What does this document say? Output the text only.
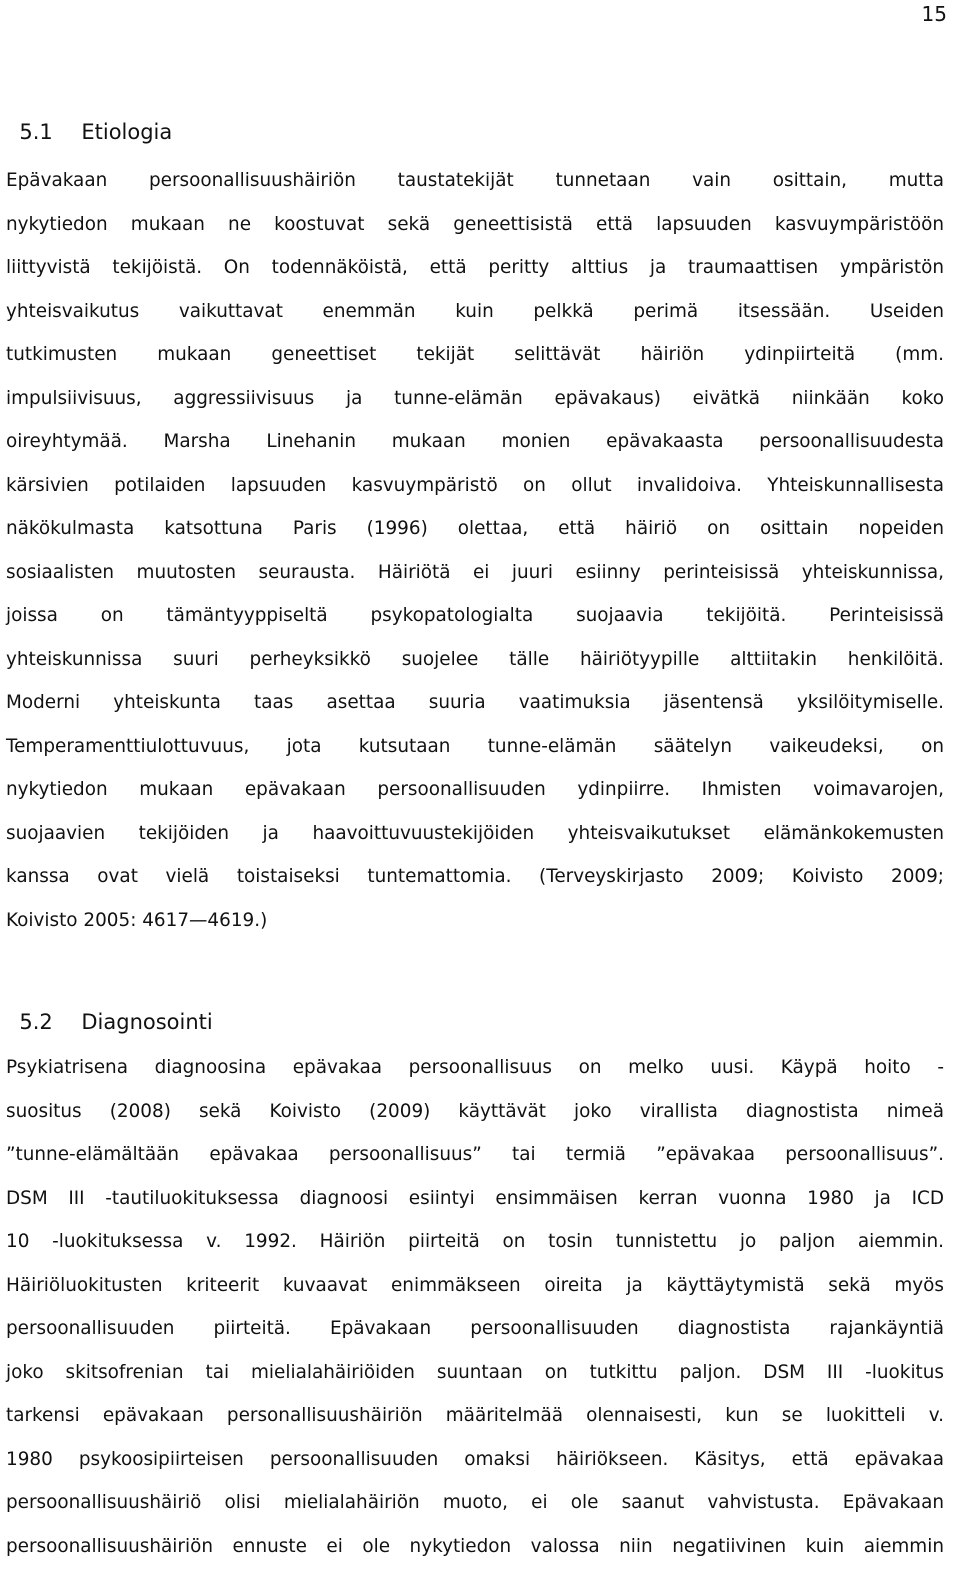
15

5.1 Etiologia

Epävakaan persoonallisuushäiriön taustatekijät tunnetaan vain osittain, mutta
nykytiedon mukaan ne koostuvat sekä geneettisistä että lapsuuden kasvuympäristöön
liittyvistä tekijöistä. On todennäköistä, että peritty alttius ja traumaattisen ympäristön
yhteisvaikutus vaikuttavat enemmän kuin pelkkä perimä itsessään. Useiden
tutkimusten mukaan geneettiset tekijät selittävät häiriön ydinpiirteitä (mm.
impulsiivisuus, aggressiivisuus ja tunne-elämän epävakaus) eivätkä niinkään koko
oireyhtymää. Marsha Linehanin mukaan monien epävakaasta persoonallisuudesta
kärsivien potilaiden lapsuuden kasvuympäristö on ollut invalidoiva. Yhteiskunnallisesta
näkökulmasta katsottuna Paris (1996) olettaa, että häiriö on osittain nopeiden
sosiaalisten muutosten seurausta. Häiriötä ei juuri esiinny perinteisissä yhteiskunnissa,
joissa on tämäntyyppiseltä psykopatologialta suojaavia tekijöitä. Perinteisissä
yhteiskunnissa suuri perheyksikkö suojelee tälle häiriötyypille alttiitakin henkilöitä.
Moderni yhteiskunta taas asettaa suuria vaatimuksia jäsentensä yksilöitymiselle.
Temperamenttiulottuvuus, jota kutsutaan tunne-elämän säätelyn vaikeudeksi, on
nykytiedon mukaan epävakaan persoonallisuuden ydinpiirre. Ihmisten voimavarojen,
suojaavien tekijöiden ja haavoittuvuustekijöiden yhteisvaikutukset elämänkokemusten
kanssa ovat vielä toistaiseksi tuntemattomia. (Terveyskirjasto 2009; Koivisto 2009;
Koivisto 2005: 4617—4619.)

5.2 Diagnosointi

Psykiatrisena diagnoosina epävakaa persoonallisuus on melko uusi. Käypä hoito -
suositus (2008) sekä Koivisto (2009) käyttävät joko virallista diagnostista nimeä
”tunne-elämältään epävakaa persoonallisuus” tai termiä ”epävakaa persoonallisuus”.
DSM III -tautiluokituksessa diagnoosi esiintyi ensimmäisen kerran vuonna 1980 ja ICD
10 -luokituksessa v. 1992. Häiriön piirteitä on tosin tunnistettu jo paljon aiemmin.
Häiriöluokitusten kriteerit kuvaavat enimmäkseen oireita ja käyttäytymistä sekä myös
persoonallisuuden piirteitä. Epävakaan persoonallisuuden diagnostista rajankäyntiä
joko skitsofrenian tai mielialahäiriöiden suuntaan on tutkittu paljon. DSM III -luokitus
tarkensi epävakaan personallisuushäiriön määritelmää olennaisesti, kun se luokitteli v.
1980 psykoosipiirteisen persoonallisuuden omaksi häiriökseen. Käsitys, että epävakaa
persoonallisuushäiriö olisi mielialahäiriön muoto, ei ole saanut vahvistusta. Epävakaan
persoonallisuushäiriön ennuste ei ole nykytiedon valossa niin negatiivinen kuin aiemmin
